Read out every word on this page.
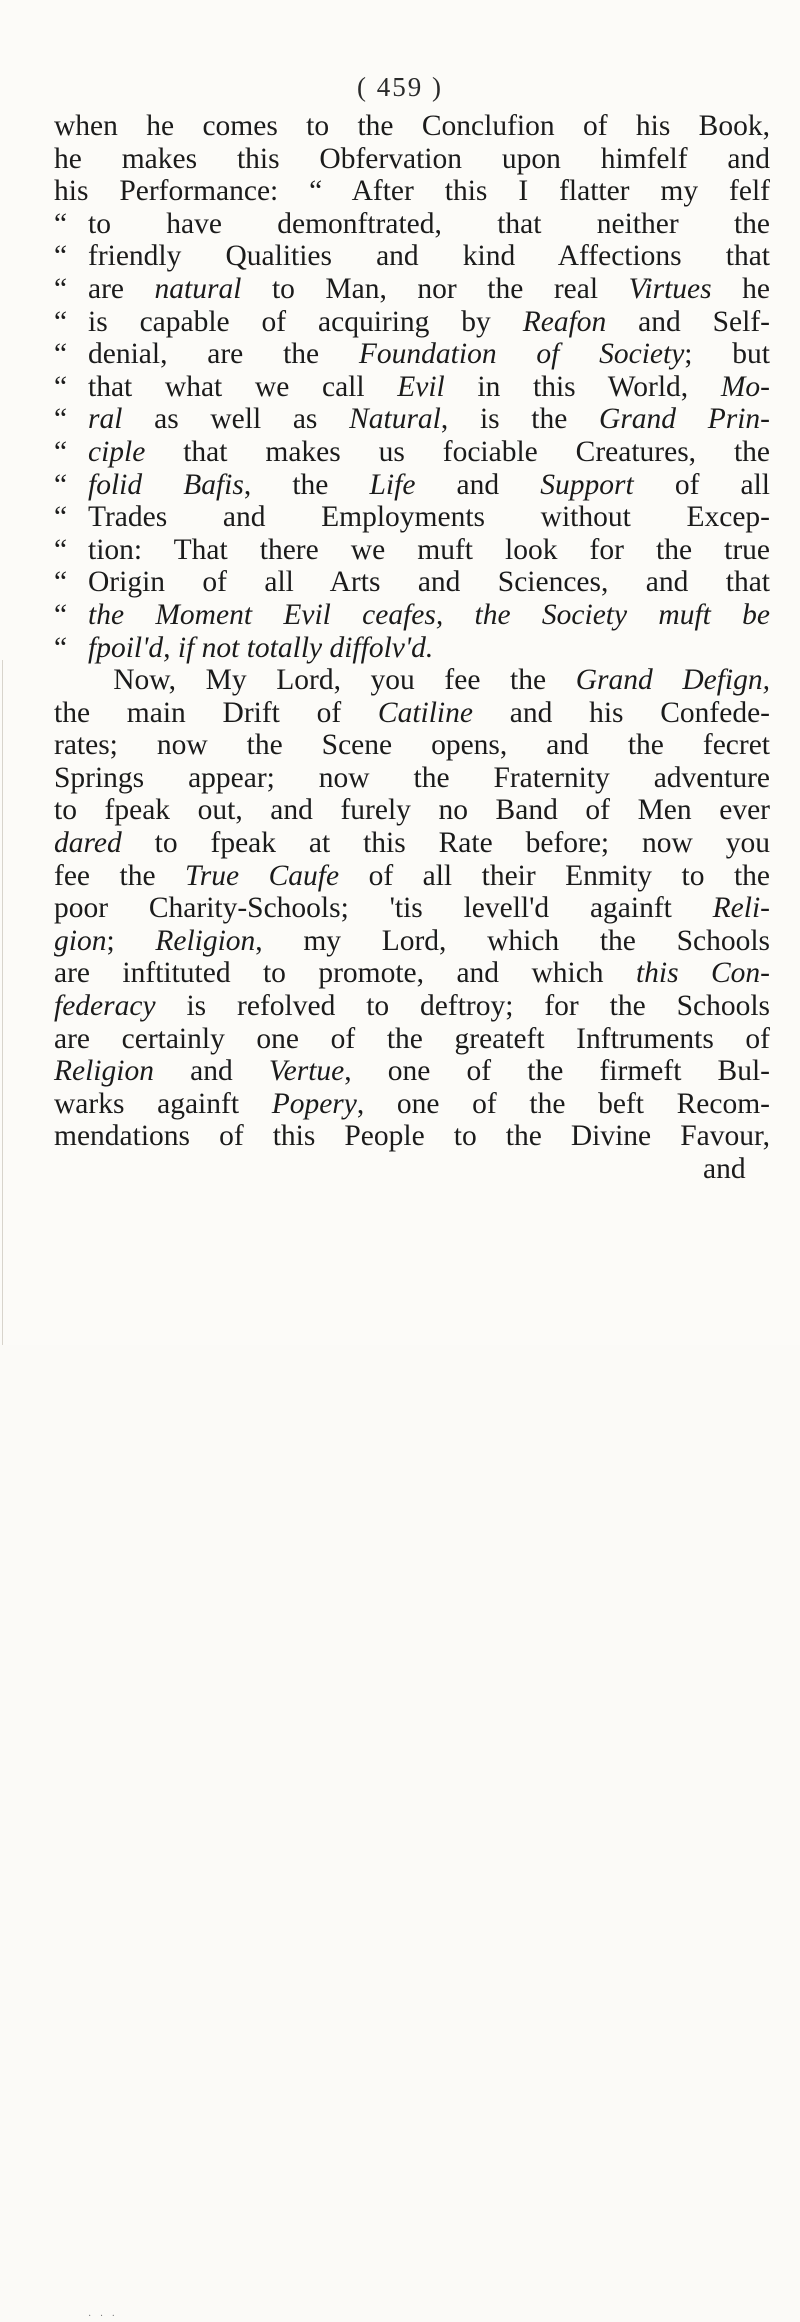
( 459 )
when he comes to the Conclufion of his Book,
he makes this Obfervation upon himfelf and
his Performance: “ After this I flatter my felf
“ to have demonftrated, that neither the
“ friendly Qualities and kind Affections that
“ are natural to Man, nor the real Virtues he
“ is capable of acquiring by Reafon and Self-
“ denial, are the Foundation of Society; but
“ that what we call Evil in this World, Mo-
“ ral as well as Natural, is the Grand Prin-
“ ciple that makes us fociable Creatures, the
“ folid Bafis, the Life and Support of all
“ Trades and Employments without Excep-
“ tion: That there we muft look for the true
“ Origin of all Arts and Sciences, and that
“ the Moment Evil ceafes, the Society muft be
“ fpoil'd, if not totally diffolv'd.
Now, My Lord, you fee the Grand Defign,
the main Drift of Catiline and his Confede-
rates; now the Scene opens, and the fecret
Springs appear; now the Fraternity adventure
to fpeak out, and furely no Band of Men ever
dared to fpeak at this Rate before; now you
fee the True Caufe of all their Enmity to the
poor Charity-Schools; 'tis levell'd againft Reli-
gion; Religion, my Lord, which the Schools
are inftituted to promote, and which this Con-
federacy is refolved to deftroy; for the Schools
are certainly one of the greateft Inftruments of
Religion and Vertue, one of the firmeft Bul-
warks againft Popery, one of the beft Recom-
mendations of this People to the Divine Favour,
· · ·
and
